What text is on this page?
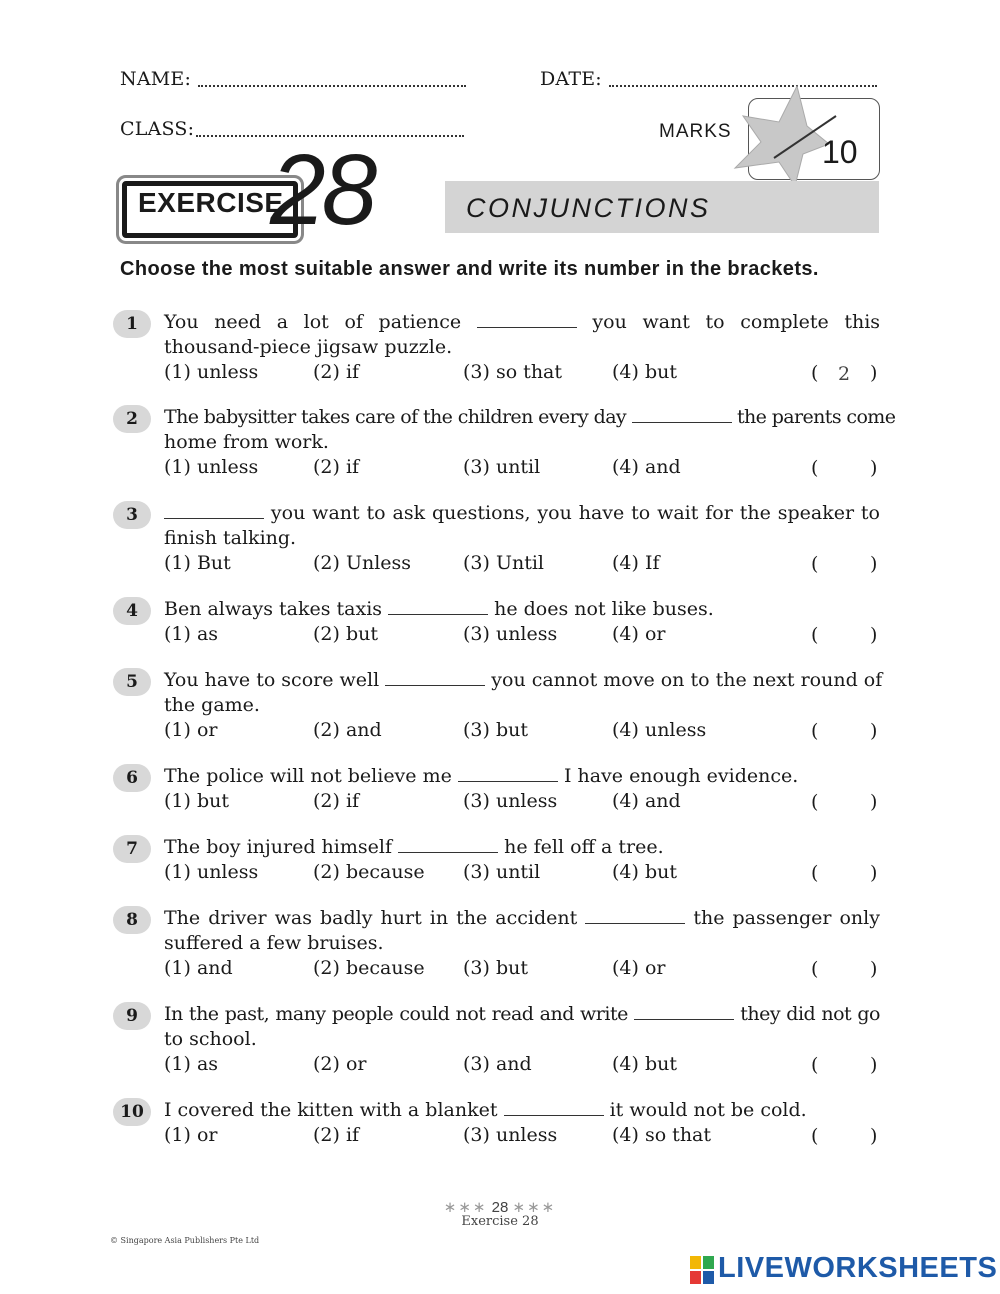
NAME:	DATE:
CLASS:	MARKS
10
EXERCISE
28	CONJUNCTIONS
Choose the most suitable answer and write its number in the brackets.
1	You need a lot of patience	you want to complete this
thousand-piece jigsaw puzzle.
(1) unless	(2) if	(3) so that	(4) but	( 2 )
2	The babysitter takes care of the children every day	the parents come
home from work.
(1) unless	(2) if	(3) until	(4) and	(	)
3	you want to ask questions, you have to wait for the speaker to
finish talking.
(1) But	(2) Unless	(3) Until	(4) If	(	)
4	Ben always takes taxis	he does not like buses.
(1) as	(2) but	(3) unless	(4) or	(	)
5	You have to score well	you cannot move on to the next round of
the game.
(1) or	(2) and	(3) but	(4) unless	(	)
6	The police will not believe me	I have enough evidence.
(1) but	(2) if	(3) unless	(4) and	(	)
7	The boy injured himself	he fell off a tree.
(1) unless	(2) because (3) until	(4) but	(	)
8	The driver was badly hurt in the accident	the passenger only
suffered a few bruises.
(1) and	(2) because (3) but	(4) or	(	)
9	In the past, many people could not read and write	they did not go
to school.
(1) as	(2) or	(3) and	(4) but	(	)
10	I covered the kitten with a blanket	it would not be cold.
(1) or	(2) if	(3) unless	(4) so that	(	)
∗∗∗ 28 ∗∗∗
Exercise 28
© Singapore Asia Publishers Pte Ltd
LIVEWORKSHEETS
